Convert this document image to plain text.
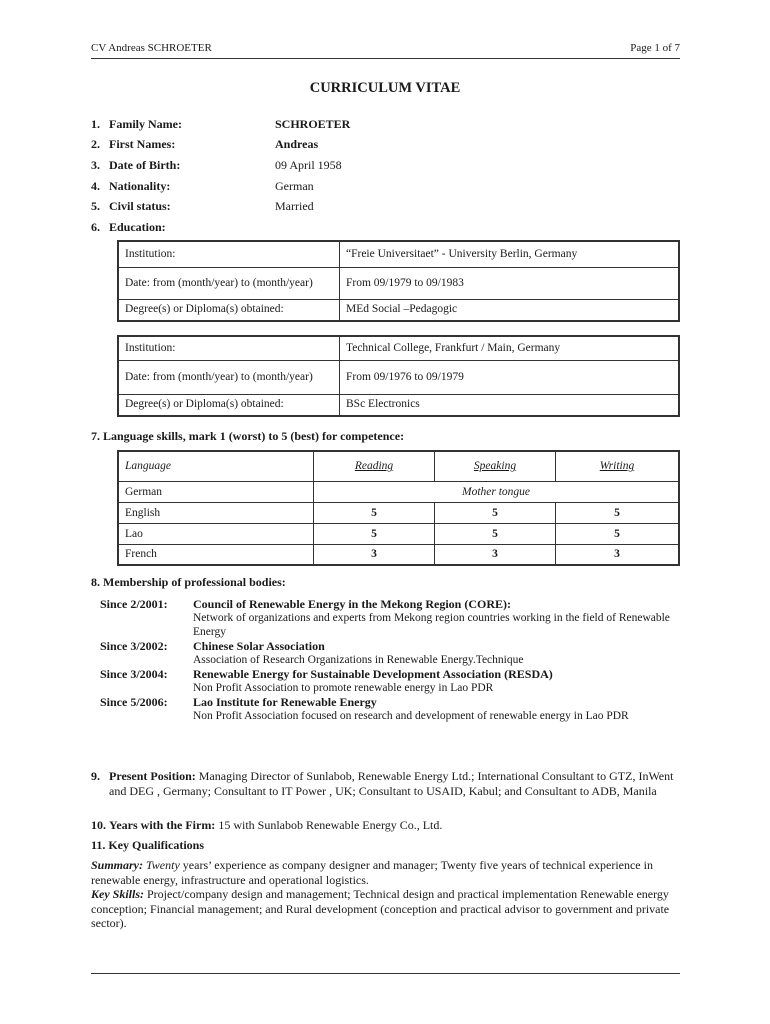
CV Andreas SCHROETER	Page 1 of 7
CURRICULUM VITAE
1. Family Name:	SCHROETER
2. First Names:	Andreas
3. Date of Birth:	09 April 1958
4. Nationality:	German
5. Civil status:	Married
6. Education:
Institution:	“Freie Universitaet” - University Berlin, Germany
Date: from (month/year) to (month/year)	From 09/1979 to 09/1983
Degree(s) or Diploma(s) obtained:	MEd Social –Pedagogic
Institution:	Technical College, Frankfurt / Main, Germany
Date: from (month/year) to (month/year)	From 09/1976 to 09/1979
Degree(s) or Diploma(s) obtained:	BSc Electronics
7. Language skills, mark 1 (worst) to 5 (best) for competence:
Language	Reading	Speaking	Writing
German	Mother tongue		
English	5	5	5
Lao	5	5	5
French	3	3	3
8. Membership of professional bodies:
Since 2/2001: Council of Renewable Energy in the Mekong Region (CORE):
Network of organizations and experts from Mekong region countries working in the field of Renewable Energy
Since 3/2002: Chinese Solar Association
Association of Research Organizations in Renewable Energy.Technique
Since 3/2004: Renewable Energy for Sustainable Development Association (RESDA)
Non Profit Association to promote renewable energy in Lao PDR
Since 5/2006: Lao Institute for Renewable Energy
Non Profit Association focused on research and development of renewable energy in Lao PDR
9. Present Position: Managing Director of Sunlabob, Renewable Energy Ltd.; International Consultant to GTZ, InWent and DEG , Germany; Consultant to IT Power , UK; Consultant to USAID, Kabul; and Consultant to ADB, Manila
10. Years with the Firm: 15 with Sunlabob Renewable Energy Co., Ltd.
11. Key Qualifications
Summary: Twenty years’ experience as company designer and manager; Twenty five years of technical experience in renewable energy, infrastructure and operational logistics.
Key Skills: Project/company design and management; Technical design and practical implementation Renewable energy conception; Financial management; and Rural development (conception and practical advisor to government and private sector).
